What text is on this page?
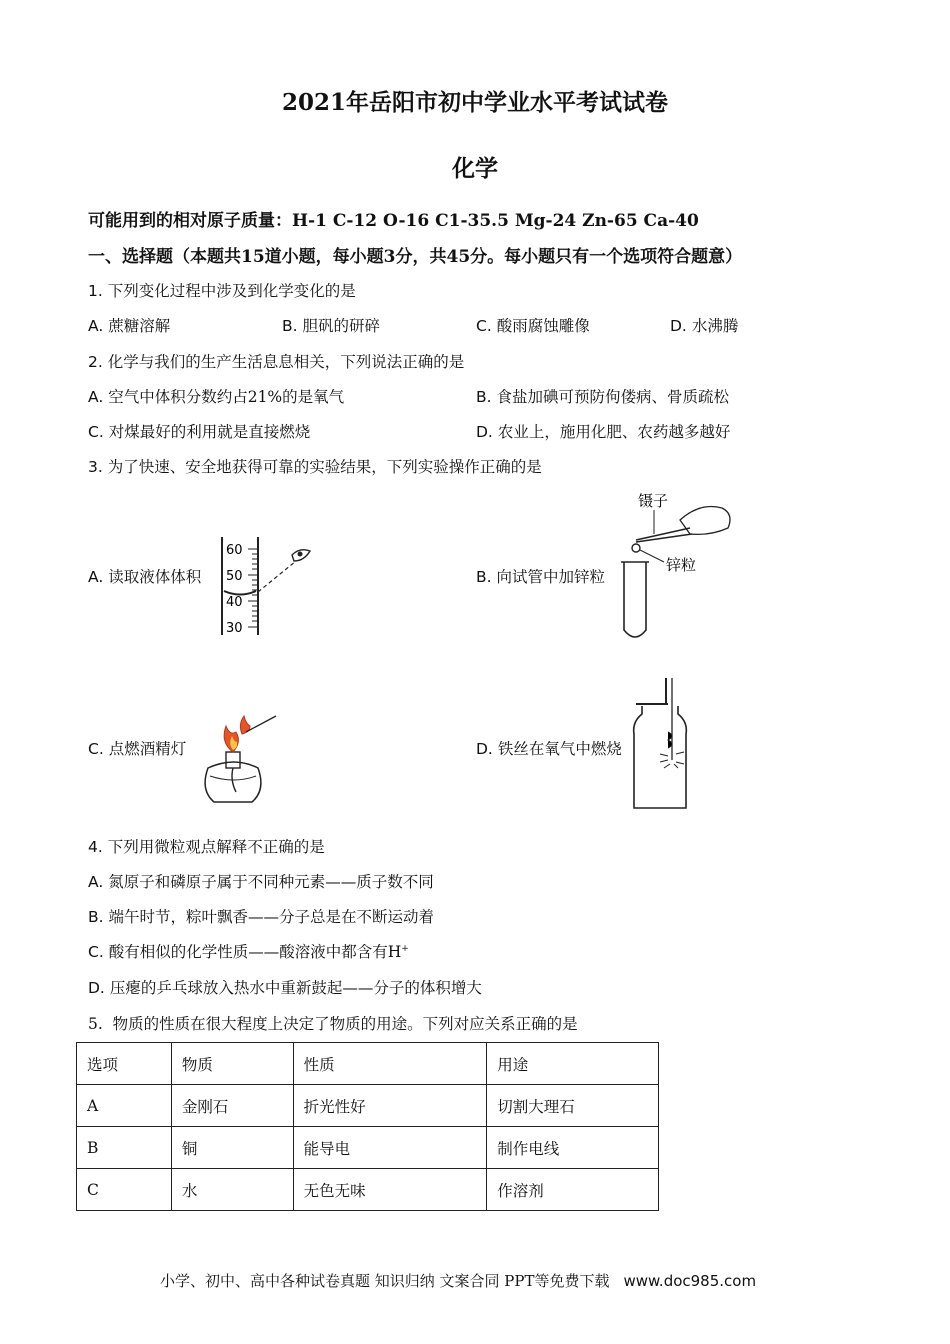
2021年岳阳市初中学业水平考试试卷
化学
可能用到的相对原子质量：H-1 C-12 O-16 C1-35.5 Mg-24 Zn-65 Ca-40
一、选择题（本题共15道小题，每小题3分，共45分。每小题只有一个选项符合题意）
1. 下列变化过程中涉及到化学变化的是
A. 蔗糖溶解	B. 胆矾的研碎	C. 酸雨腐蚀雕像	D. 水沸腾
2. 化学与我们的生产生活息息相关，下列说法正确的是
A. 空气中体积分数约占21%的是氧气	B. 食盐加碘可预防佝偻病、骨质疏松
C. 对煤最好的利用就是直接燃烧	D. 农业上，施用化肥、农药越多越好
3. 为了快速、安全地获得可靠的实验结果，下列实验操作正确的是
A. 读取液体体积
60
50
40
30
B. 向试管中加锌粒
镊子
锌粒
C. 点燃酒精灯	D. 铁丝在氧气中燃烧
4. 下列用微粒观点解释不正确的是
A. 氮原子和磷原子属于不同种元素——质子数不同
B. 端午时节，粽叶飘香——分子总是在不断运动着
C. 酸有相似的化学性质——酸溶液中都含有H+
D. 压瘪的乒乓球放入热水中重新鼓起——分子的体积增大
5. 物质的性质在很大程度上决定了物质的用途。下列对应关系正确的是
选项	物质	性质	用途
A	金刚石	折光性好	切割大理石
B	铜	能导电	制作电线
C	水	无色无味	作溶剂
小学、初中、高中各种试卷真题 知识归纳 文案合同 PPT等免费下载 www.doc985.com
